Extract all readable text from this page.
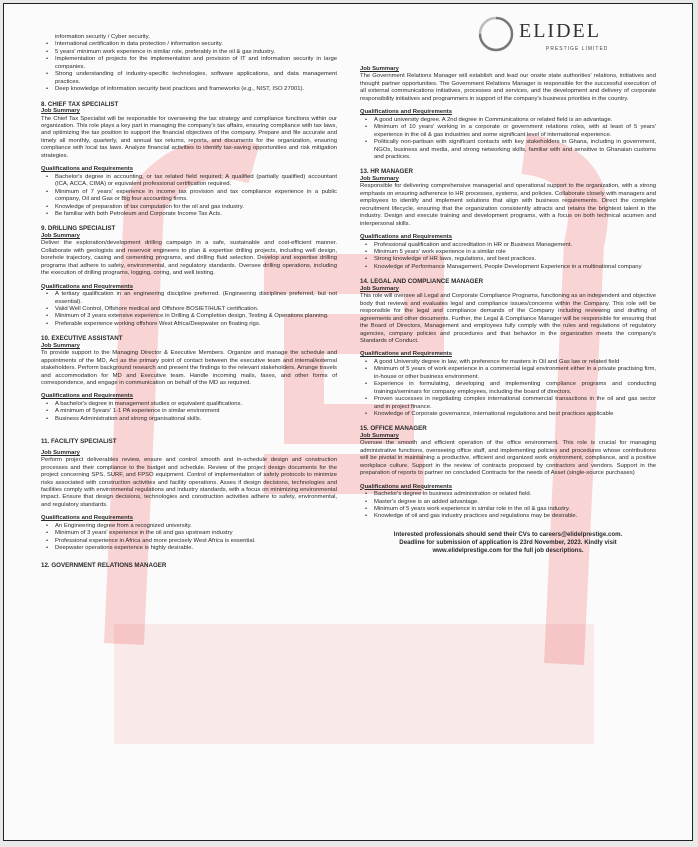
ELIDEL
PRESTIGE LIMITED

information security / Cyber security.

• International certification in data protection / information security.
• 5 years' minimum work experience in similar role, preferably in the oil & gas industry.
• Implementation of projects for the implementation and provision of IT and information security in large companies.
• Strong understanding of industry-specific technologies, software applications, and data management practices.
• Deep knowledge of information security best practices and frameworks (e.g., NIST, ISO 27001).
8. CHIEF TAX SPECIALIST
Job Summary

The Chief Tax Specialist will be responsible for overseeing the tax strategy and compliance functions within our organization. This role plays a key part in managing the company's tax affairs, ensuring compliance with tax laws, and optimizing the tax position to support the financial objectives of the company. Prepare and file accurate and timely all monthly, quarterly, and annual tax returns, reports, and documents for the organization, ensuring compliance with local tax laws. Analyze financial activities to identify tax-saving opportunities and risk mitigation strategies.

Qualifications and Requirements
• Bachelor's degree in accounting, or tax related field required; A qualified (partially qualified) accountant (ICA, ACCA, CIMA) or equivalent professional certification required.
• Minimum of 7 years' experience in income tax provision and tax compliance experience in a public company, Oil and Gas or Big four accounting firms.
• Knowledge of preparation of tax computation for the oil and gas industry.
• Be familiar with both Petroleum and Corporate Income Tax Acts.
9. DRILLING SPECIALIST
Job Summary

Deliver the exploration/development drilling campaign in a safe, sustainable and cost-efficient manner. Collaborate with geologists and reservoir engineers to plan & expertise drilling projects, including well design, borehole trajectory, casing and cementing programs, and drilling fluid selection. Develop and expertise drilling programs that adhere to safety, environmental, and regulatory standards. Oversee drilling operations, including the execution of drilling programs, logging, coring, and well testing.

Qualifications and Requirements
• A tertiary qualification in an engineering discipline preferred. (Engineering disciplines preferred, but not essential).
• Valid Well Control, Offshore medical and Offshore BOSIET/HUET certification.
• Minimum of 3 years extensive experience in Drilling & Completion design, Testing & Operations planning.
• Preferable experience working offshore West Africa/Deepwater on floating rigs.
10. EXECUTIVE ASSISTANT
Job Summary

To provide support to the Managing Director & Executive Members. Organize and manage the schedule and appointments of the MD, Act as the primary point of contact between the executive team and internal/external stakeholders. Perform background research and present the findings to the relevant stakeholders. Arrange travels and accommodation for MD and Executive team. Handle incoming mails, faxes, and other forms of correspondence, and engage in communication on behalf of the MD as required.

Qualifications and Requirements
• A bachelor's degree in management studies or equivalent qualifications.
• A minimum of 5years' 1-1 PA experience in similar environment
• Business Administration and strong organisational skills.
11. FACILITY SPECIALIST
Job Summary

Perform project deliverables review, ensure and control smooth and in-schedule design and construction processes and their compliance to the budget and schedule. Review of the project design documents for the project concerning SPS, SURF, and FPSO equipment. Control of implementation of safety protocols to minimize risks associated with construction activities and facility operations. Asses if design decisions, technologies and facilities comply with environmental regulations and industry standards, with a focus on minimizing environmental impact. Ensure that design decisions, technologies and construction activities adhere to safety, environmental, and regulatory standards.

Qualifications and Requirements
• An Engineering degree from a recognized university.
• Minimum of 3 years' experience in the oil and gas upstream industry
• Professional experience in Africa and more precisely West Africa is essential.
• Deepwater operations experience is highly desirable.
12. GOVERNMENT RELATIONS MANAGER
Job Summary

The Government Relations Manager will establish and lead our onsite state authorities' relations, initiatives and thought partner opportunities. The Government Relations Manager is responsible for the successful execution of all external communications initiatives, processes and services, and the development and delivery of corporate responsibility initiatives and programmers in support of the company's business priorities in the country.

Qualifications and Requirements
• A good university degree. A 2nd degree in Communications or related field is an advantage.
• Minimum of 10 years' working in a corporate or government relations roles, with at least of 5 years' experience in the oil & gas industries and some significant level of international experience.
• Politically non-partisan with significant contacts with key stakeholders in Ghana, including in government, NGOs, business and media, and strong networking skills, familiar with and sensitive to Ghanaian customs and practices.
13. HR MANAGER
Job Summary

Responsible for delivering comprehensive managerial and operational support to the organization, with a strong emphasis on ensuring adherence to HR processes, systems, and policies. Collaborate closely with managers and employees to identify and implement solutions that align with business requirements. Direct the complete recruitment lifecycle, ensuring that the organization consistently attracts and retains the brightest talent in the industry. Design and execute training and development programs, with a focus on both technical acumen and interpersonal skills.

Qualifications and Requirements
• Professional qualification and accreditation in HR or Business Management.
• Minimum 5 years' work experience in a similar role
• Strong knowledge of HR laws, regulations, and best practices.
• Knowledge of Performance Management, People Development Experience in a multinational company
14. LEGAL AND COMPLIANCE MANAGER
Job Summary

This role will oversee all Legal and Corporate Compliance Programs, functioning as an independent and objective body that reviews and evaluates legal and compliance issues/concerns within the Company. This role will be responsible for the legal and compliance demands of the Company including reviewing and drafting of agreements and other documents. Further, the Legal & Compliance Manager will be responsible for ensuring that the Board of Directors, Management and employees fully comply with the rules and regulations of regulatory agencies, company policies and procedures and that behavior in the organization meets the company's Standards of Conduct.

Qualifications and Requirements
• A good University degree in law, with preference for masters in Oil and Gas law or related field
• Minimum of 5 years of work experience in a commercial legal environment either in a private practising firm, in-house or other business environment.
• Experience in formulating, developing and implementing compliance programs and conducting trainings/seminars for company employees, including the board of directors.
• Proven successes in negotiating complex international commercial transactions in the oil and gas sector and in project finance.
• Knowledge of Corporate governance, international regulations and best practices applicable
15. OFFICE MANAGER
Job Summary

Oversee the smooth and efficient operation of the office environment. This role is crucial for managing administrative functions, overseeing office staff, and implementing policies and procedures whose contributions will be pivotal in maintaining a productive, efficient and organized work environment, compliance, and a positive workplace culture. Support in the review of contracts proposed by contractors and vendors. Support in the preparation of reports to partner on concluded Contracts for the needs of Asset (single-source purchases)

Qualifications and Requirements
• Bachelor's degree in business administration or related field.
• Master's degree is an added advantage.
• Minimum of 5 years work experience in similar role in the oil & gas industry.
• Knowledge of oil and gas industry practices and regulations may be desirable.
Interested professionals should send their CVs to careers@elidelprestige.com.
Deadline for submission of application is 23rd November, 2023. Kindly visit
www.elidelprestige.com for the full job descriptions.
